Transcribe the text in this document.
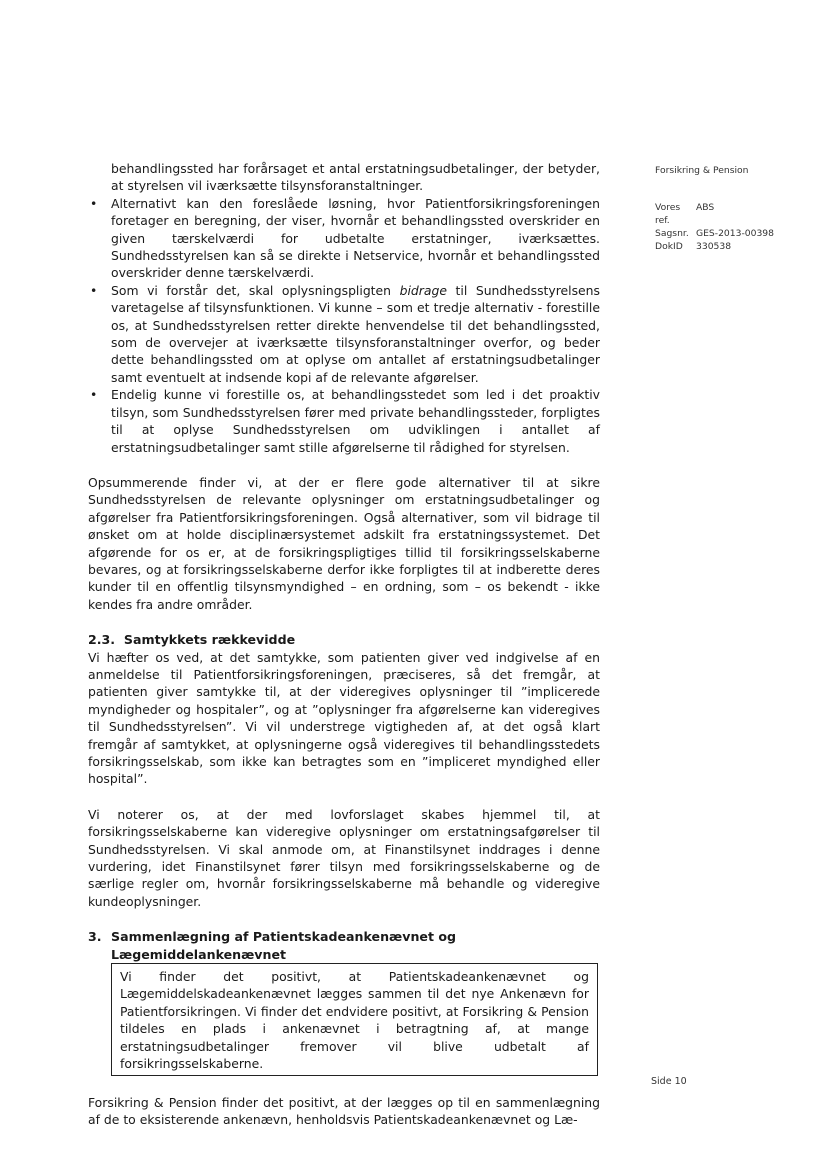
behandlingssted har forårsaget et antal erstatningsudbetalinger, der betyder, at styrelsen vil iværksætte tilsynsforanstaltninger.

• Alternativt kan den foreslåede løsning, hvor Patientforsikringsforeningen foretager en beregning, der viser, hvornår et behandlingssted overskrider en given tærskelværdi for udbetalte erstatninger, iværksættes. Sundhedsstyrelsen kan så se direkte i Netservice, hvornår et behandlingssted overskrider denne tærskelværdi.
• Som vi forstår det, skal oplysningspligten bidrage til Sundhedsstyrelsens varetagelse af tilsynsfunktionen. Vi kunne – som et tredje alternativ - forestille os, at Sundhedsstyrelsen retter direkte henvendelse til det behandlingssted, som de overvejer at iværksætte tilsynsforanstaltninger overfor, og beder dette behandlingssted om at oplyse om antallet af erstatningsudbetalinger samt eventuelt at indsende kopi af de relevante afgørelser.
• Endelig kunne vi forestille os, at behandlingsstedet som led i det proaktiv tilsyn, som Sundhedsstyrelsen fører med private behandlingssteder, forpligtes til at oplyse Sundhedsstyrelsen om udviklingen i antallet af erstatningsudbetalinger samt stille afgørelserne til rådighed for styrelsen.

Opsummerende finder vi, at der er flere gode alternativer til at sikre Sundhedsstyrelsen de relevante oplysninger om erstatningsudbetalinger og afgørelser fra Patientforsikringsforeningen. Også alternativer, som vil bidrage til ønsket om at holde disciplinærsystemet adskilt fra erstatningssystemet. Det afgørende for os er, at de forsikringspligtiges tillid til forsikringsselskaberne bevares, og at forsikringsselskaberne derfor ikke forpligtes til at indberette deres kunder til en offentlig tilsynsmyndighed – en ordning, som – os bekendt - ikke kendes fra andre områder.

2.3. Samtykkets rækkevidde

Vi hæfter os ved, at det samtykke, som patienten giver ved indgivelse af en anmeldelse til Patientforsikringsforeningen, præciseres, så det fremgår, at patienten giver samtykke til, at der videregives oplysninger til ”implicerede myndigheder og hospitaler”, og at ”oplysninger fra afgørelserne kan videregives til Sundhedsstyrelsen”. Vi vil understrege vigtigheden af, at det også klart fremgår af samtykket, at oplysningerne også videregives til behandlingsstedets forsikringsselskab, som ikke kan betragtes som en ”impliceret myndighed eller hospital”.

Vi noterer os, at der med lovforslaget skabes hjemmel til, at forsikringsselskaberne kan videregive oplysninger om erstatningsafgørelser til Sundhedsstyrelsen. Vi skal anmode om, at Finanstilsynet inddrages i denne vurdering, idet Finanstilsynet fører tilsyn med forsikringsselskaberne og de særlige regler om, hvornår forsikringsselskaberne må behandle og videregive kundeoplysninger.

3. Sammenlægning af Patientskadeankenævnet og Lægemiddelankenævnet

Vi finder det positivt, at Patientskadeankenævnet og Lægemiddelskadeankenævnet lægges sammen til det nye Ankenævn for Patientforsikringen. Vi finder det endvidere positivt, at Forsikring & Pension tildeles en plads i ankenævnet i betragtning af, at mange erstatningsudbetalinger fremover vil blive udbetalt af forsikringsselskaberne.

Forsikring & Pension finder det positivt, at der lægges op til en sammenlægning af de to eksisterende ankenævn, henholdsvis Patientskadeankenævnet og Læ-

Forsikring & Pension
Vores ref.
ABS
Sagsnr. GES-2013-00398
DokID	330538
Side 10
